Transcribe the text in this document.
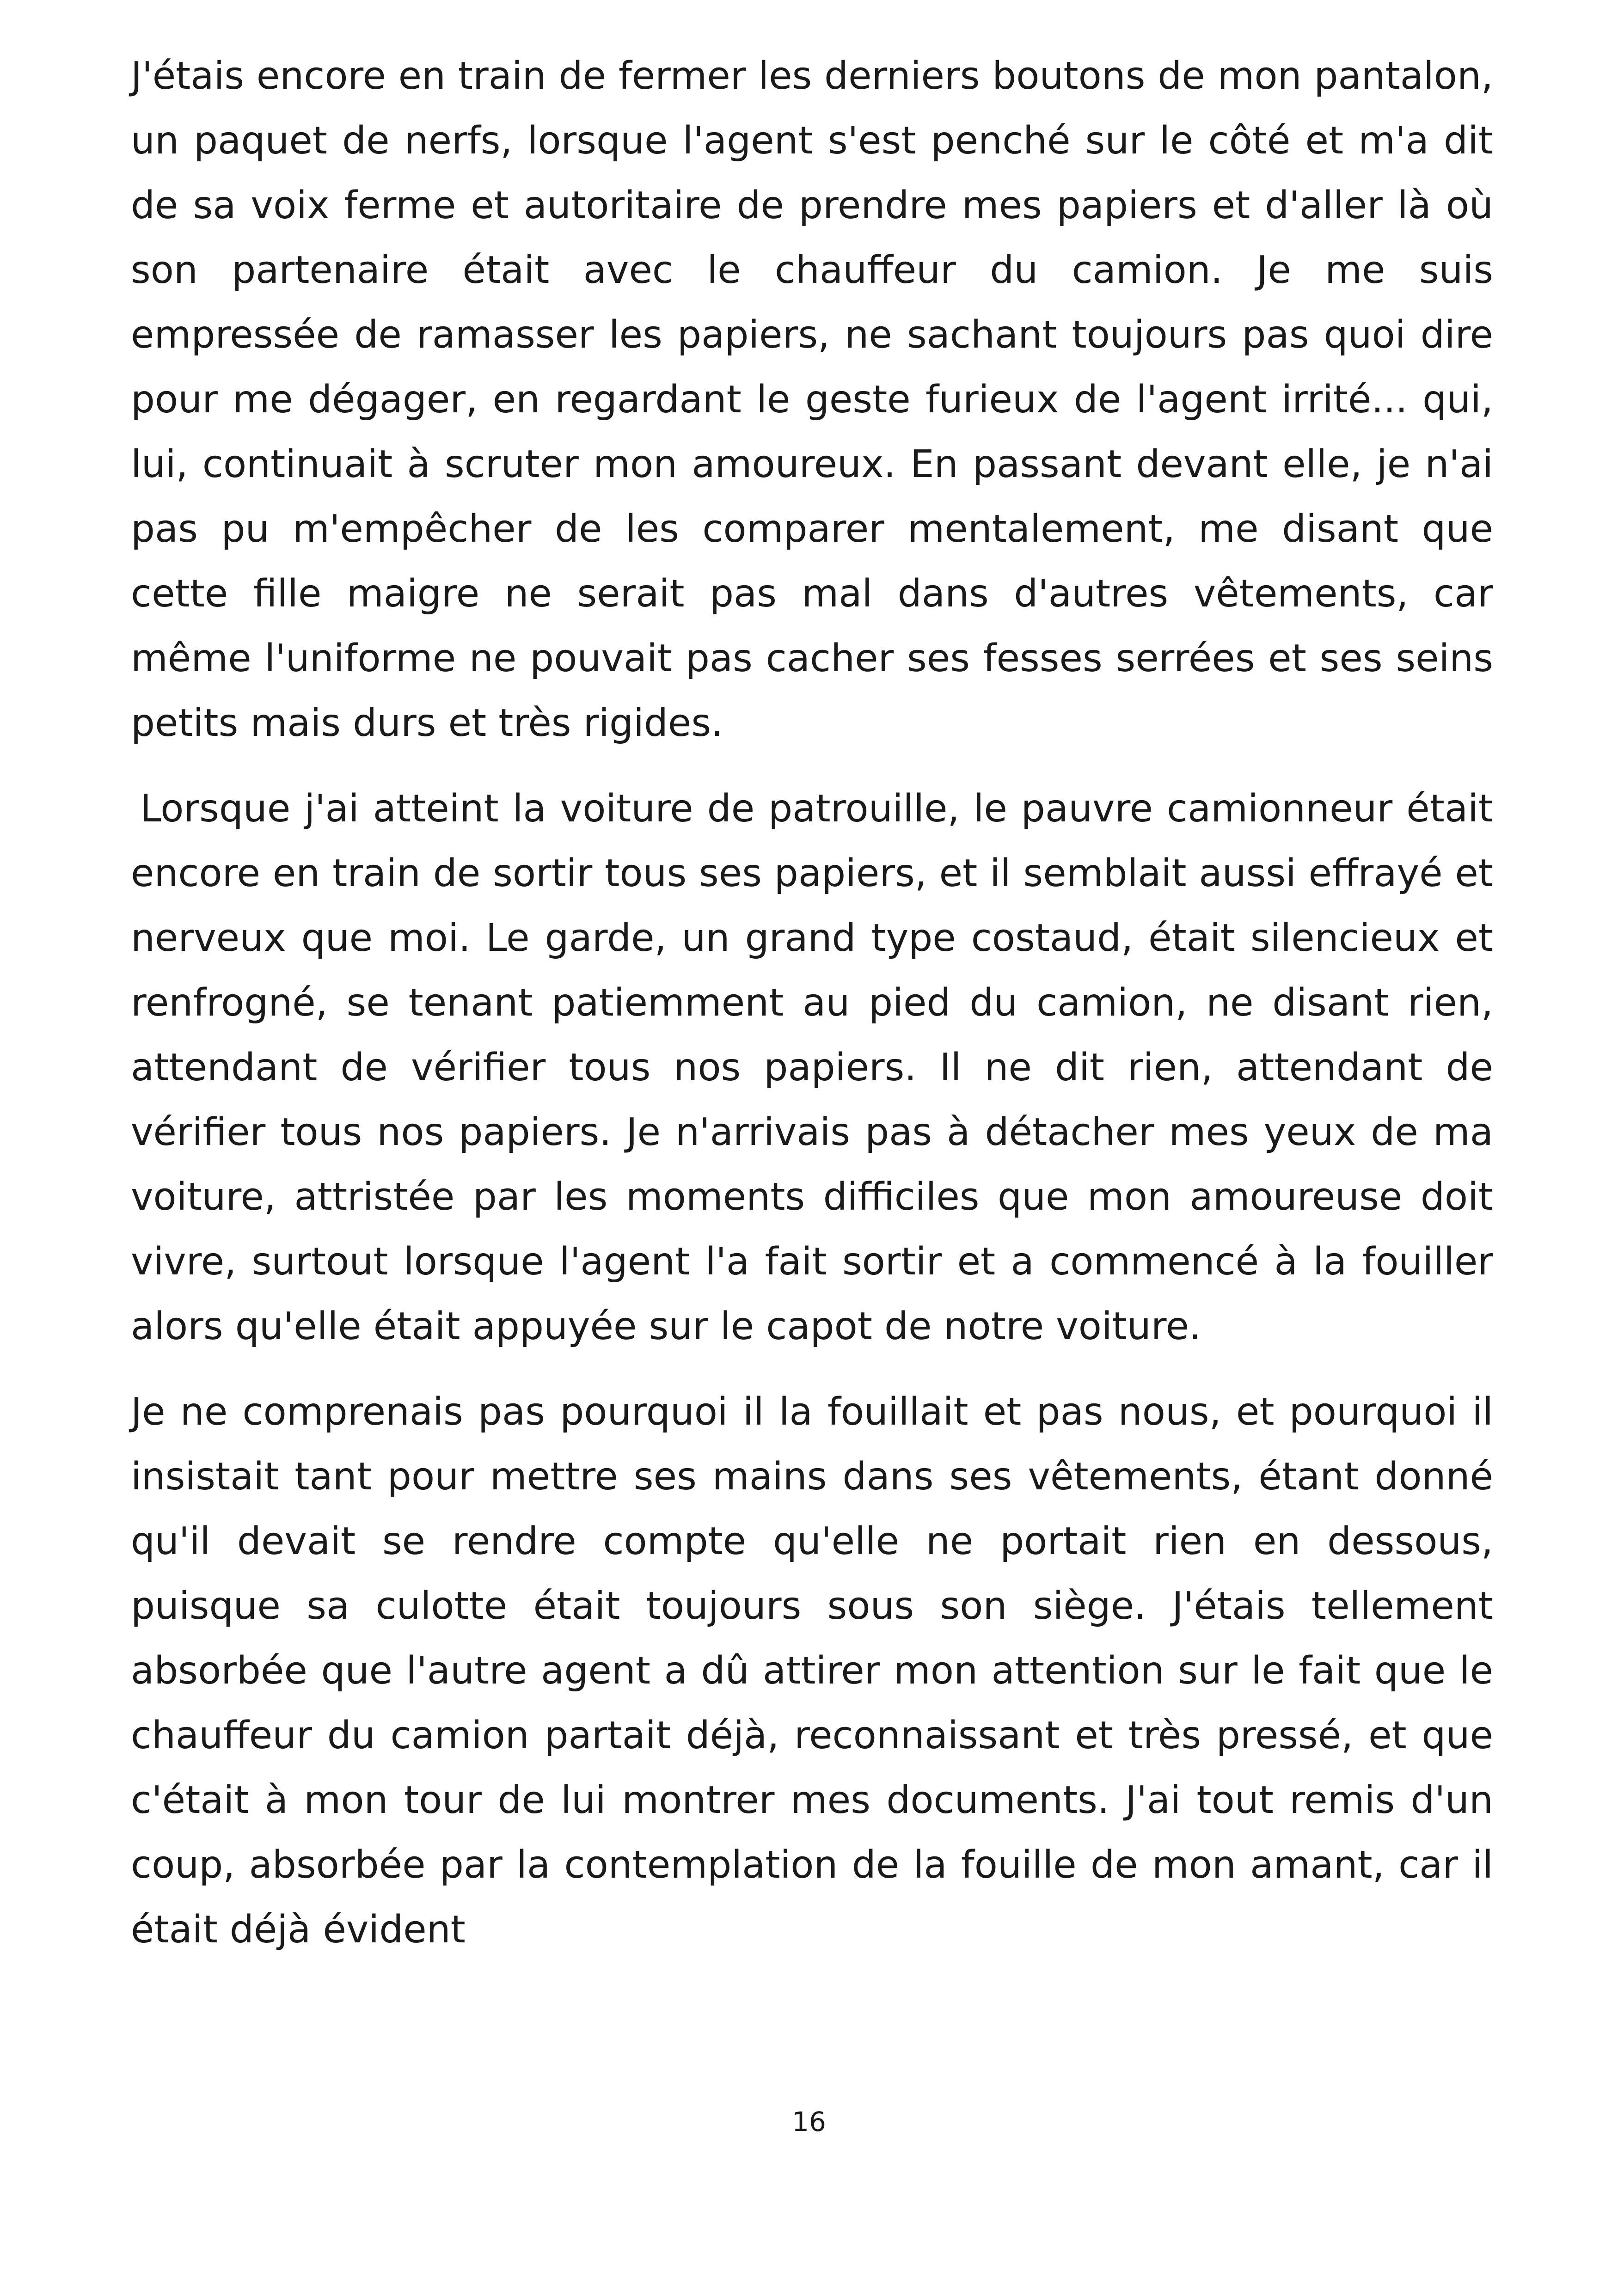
J'étais encore en train de fermer les derniers boutons de mon pantalon, un paquet de nerfs, lorsque l'agent s'est penché sur le côté et m'a dit de sa voix ferme et autoritaire de prendre mes papiers et d'aller là où son partenaire était avec le chauffeur du camion. Je me suis empressée de ramasser les papiers, ne sachant toujours pas quoi dire pour me dégager, en regardant le geste furieux de l'agent irrité... qui, lui, continuait à scruter mon amoureux. En passant devant elle, je n'ai pas pu m'empêcher de les comparer mentalement, me disant que cette fille maigre ne serait pas mal dans d'autres vêtements, car même l'uniforme ne pouvait pas cacher ses fesses serrées et ses seins petits mais durs et très rigides.

Lorsque j'ai atteint la voiture de patrouille, le pauvre camionneur était encore en train de sortir tous ses papiers, et il semblait aussi effrayé et nerveux que moi. Le garde, un grand type costaud, était silencieux et renfrogné, se tenant patiemment au pied du camion, ne disant rien, attendant de vérifier tous nos papiers. Il ne dit rien, attendant de vérifier tous nos papiers. Je n'arrivais pas à détacher mes yeux de ma voiture, attristée par les moments difficiles que mon amoureuse doit vivre, surtout lorsque l'agent l'a fait sortir et a commencé à la fouiller alors qu'elle était appuyée sur le capot de notre voiture.

Je ne comprenais pas pourquoi il la fouillait et pas nous, et pourquoi il insistait tant pour mettre ses mains dans ses vêtements, étant donné qu'il devait se rendre compte qu'elle ne portait rien en dessous, puisque sa culotte était toujours sous son siège. J'étais tellement absorbée que l'autre agent a dû attirer mon attention sur le fait que le chauffeur du camion partait déjà, reconnaissant et très pressé, et que c'était à mon tour de lui montrer mes documents. J'ai tout remis d'un coup, absorbée par la contemplation de la fouille de mon amant, car il était déjà évident

16
